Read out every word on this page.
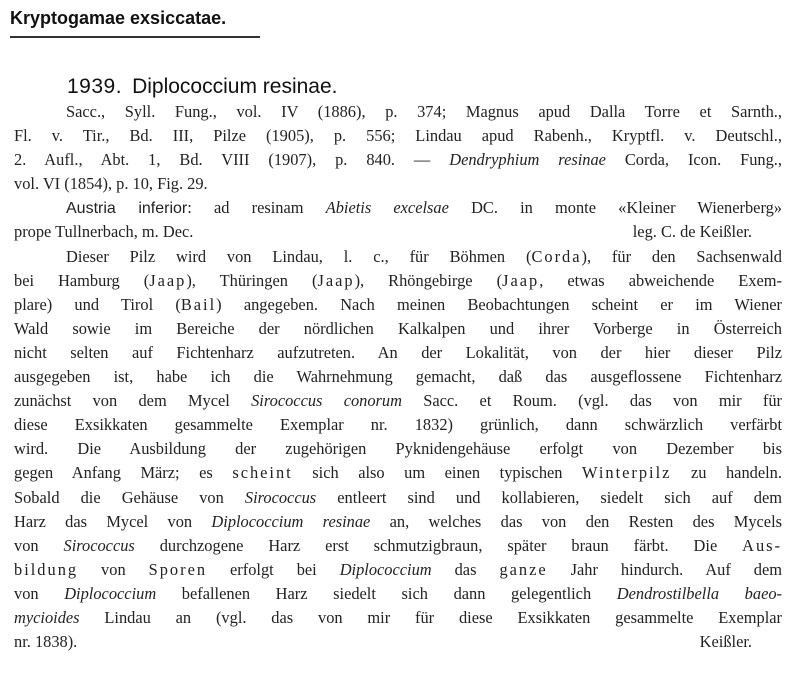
Kryptogamae exsiccatae.
1939. Diplococcium resinae.
Sacc., Syll. Fung., vol. IV (1886), p. 374; Magnus apud Dalla Torre et Sarnth.,
Fl. v. Tir., Bd. III, Pilze (1905), p. 556; Lindau apud Rabenh., Kryptfl. v. Deutschl.,
2. Aufl., Abt. 1, Bd. VIII (1907), p. 840. — Dendryphium resinae Corda, Icon. Fung.,
vol. VI (1854), p. 10, Fig. 29.
Austria inferior: ad resinam Abietis excelsae DC. in monte «Kleiner Wienerberg»
prope Tullnerbach, m. Dec.	leg. C. de Keißler.
Dieser Pilz wird von Lindau, l. c., für Böhmen (Corda), für den Sachsenwald
bei Hamburg (Jaap), Thüringen (Jaap), Rhöngebirge (Jaap, etwas abweichende Exem-
plare) und Tirol (Bail) angegeben. Nach meinen Beobachtungen scheint er im Wiener
Wald sowie im Bereiche der nördlichen Kalkalpen und ihrer Vorberge in Österreich
nicht selten auf Fichtenharz aufzutreten. An der Lokalität, von der hier dieser Pilz
ausgegeben ist, habe ich die Wahrnehmung gemacht, daß das ausgeflossene Fichtenharz
zunächst von dem Mycel Sirococcus conorum Sacc. et Roum. (vgl. das von mir für
diese Exsikkaten gesammelte Exemplar nr. 1832) grünlich, dann schwärzlich verfärbt
wird. Die Ausbildung der zugehörigen Pyknidengehäuse erfolgt von Dezember bis
gegen Anfang März; es scheint sich also um einen typischen Winterpilz zu handeln.
Sobald die Gehäuse von Sirococcus entleert sind und kollabieren, siedelt sich auf dem
Harz das Mycel von Diplococcium resinae an, welches das von den Resten des Mycels
von Sirococcus durchzogene Harz erst schmutzigbraun, später braun färbt. Die Aus-
bildung von Sporen erfolgt bei Diplococcium das ganze Jahr hindurch. Auf dem
von Diplococcium befallenen Harz siedelt sich dann gelegentlich Dendrostilbella baeo-
mycioides Lindau an (vgl. das von mir für diese Exsikkaten gesammelte Exemplar
nr. 1838).	Keißler.
